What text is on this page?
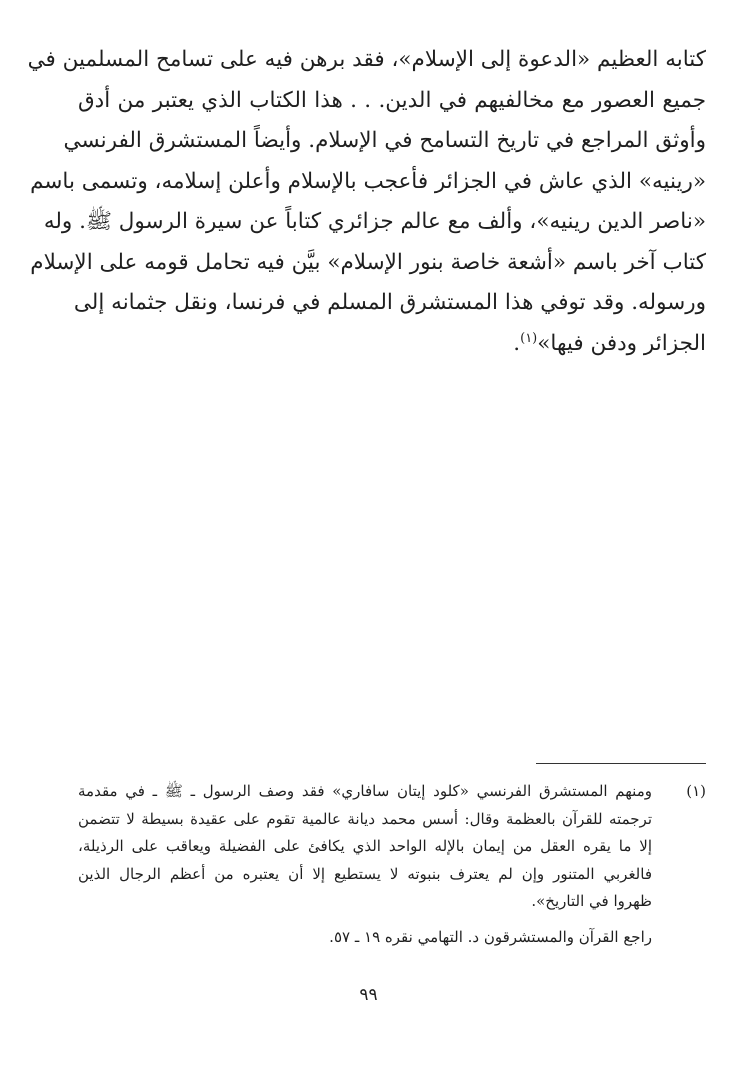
كتابه العظيم «الدعوة إلى الإسلام»، فقد برهن فيه على تسامح المسلمين في
جميع العصور مع مخالفيهم في الدين. . . هذا الكتاب الذي يعتبر من أدق
وأوثق المراجع في تاريخ التسامح في الإسلام. وأيضاً المستشرق الفرنسي
«رينيه» الذي عاش في الجزائر فأعجب بالإسلام وأعلن إسلامه، وتسمى باسم
«ناصر الدين رينيه»، وألف مع عالم جزائري كتاباً عن سيرة الرسول ﷺ. وله
كتاب آخر باسم «أشعة خاصة بنور الإسلام» بيَّن فيه تحامل قومه على الإسلام
ورسوله. وقد توفي هذا المستشرق المسلم في فرنسا، ونقل جثمانه إلى
الجزائر ودفن فيها»$^{(١)}$.
(١)
ومنهم المستشرق الفرنسي «كلود إيتان سافاري» فقد وصف الرسول ـ ﷺ ـ في مقدمة
ترجمته للقرآن بالعظمة وقال: أسس محمد ديانة عالمية تقوم على عقيدة بسيطة لا تتضمن
إلا ما يقره العقل من إيمان بالإله الواحد الذي يكافئ على الفضيلة ويعاقب على الرذيلة،
فالغربي المتنور وإن لم يعترف بنبوته لا يستطيع إلا أن يعتبره من أعظم الرجال الذين
ظهروا في التاريخ».
راجع القرآن والمستشرقون د. التهامي نقره ١٩ ـ ٥٧.
٩٩
